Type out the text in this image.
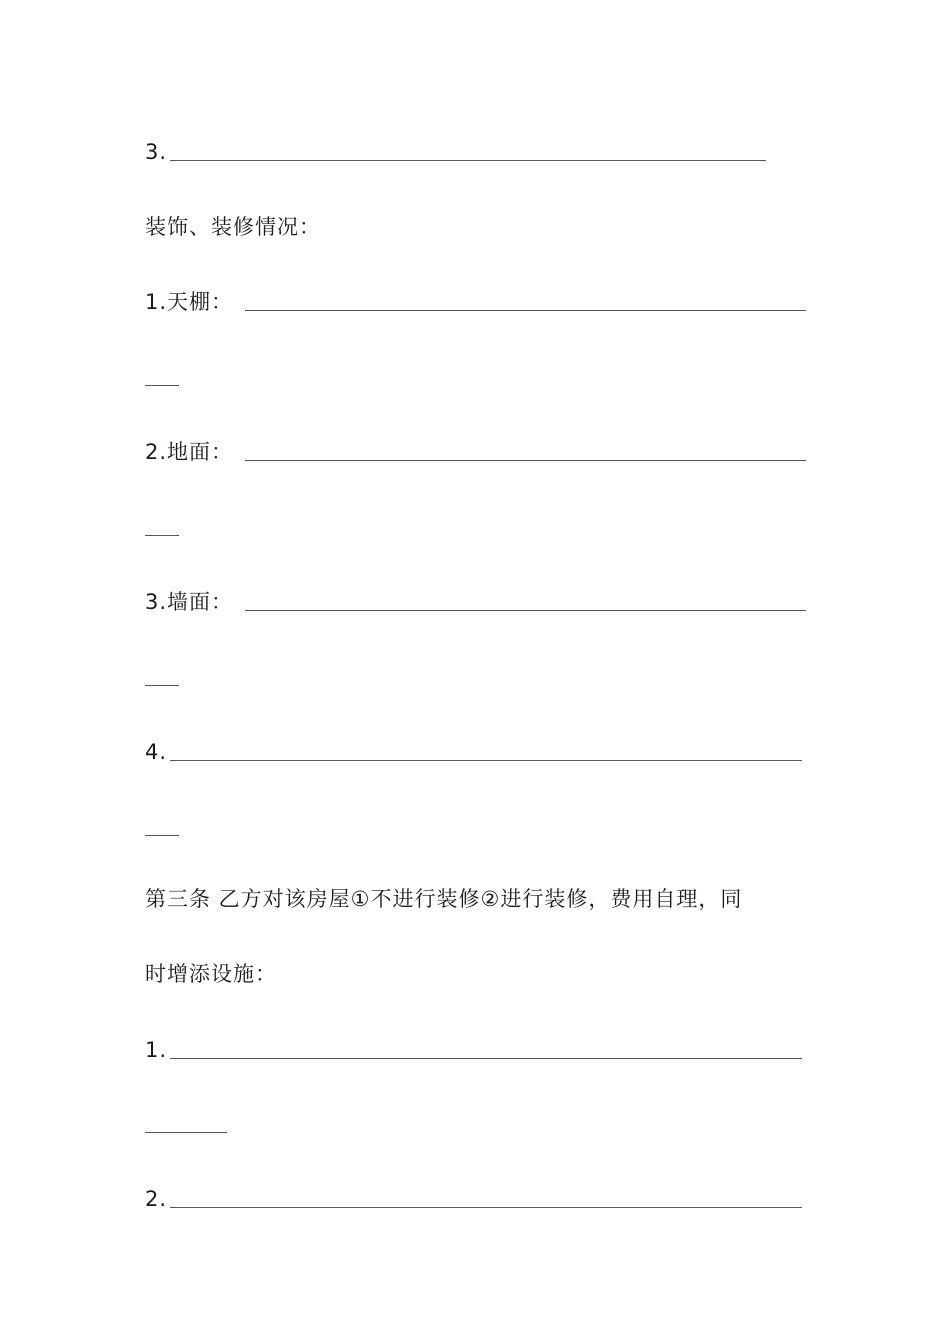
3.
装饰、装修情况：
1.天棚：
2.地面：
3.墙面：
4.
第三条 乙方对该房屋①不进行装修②进行装修，费用自理，同
时增添设施：
1.
2.
